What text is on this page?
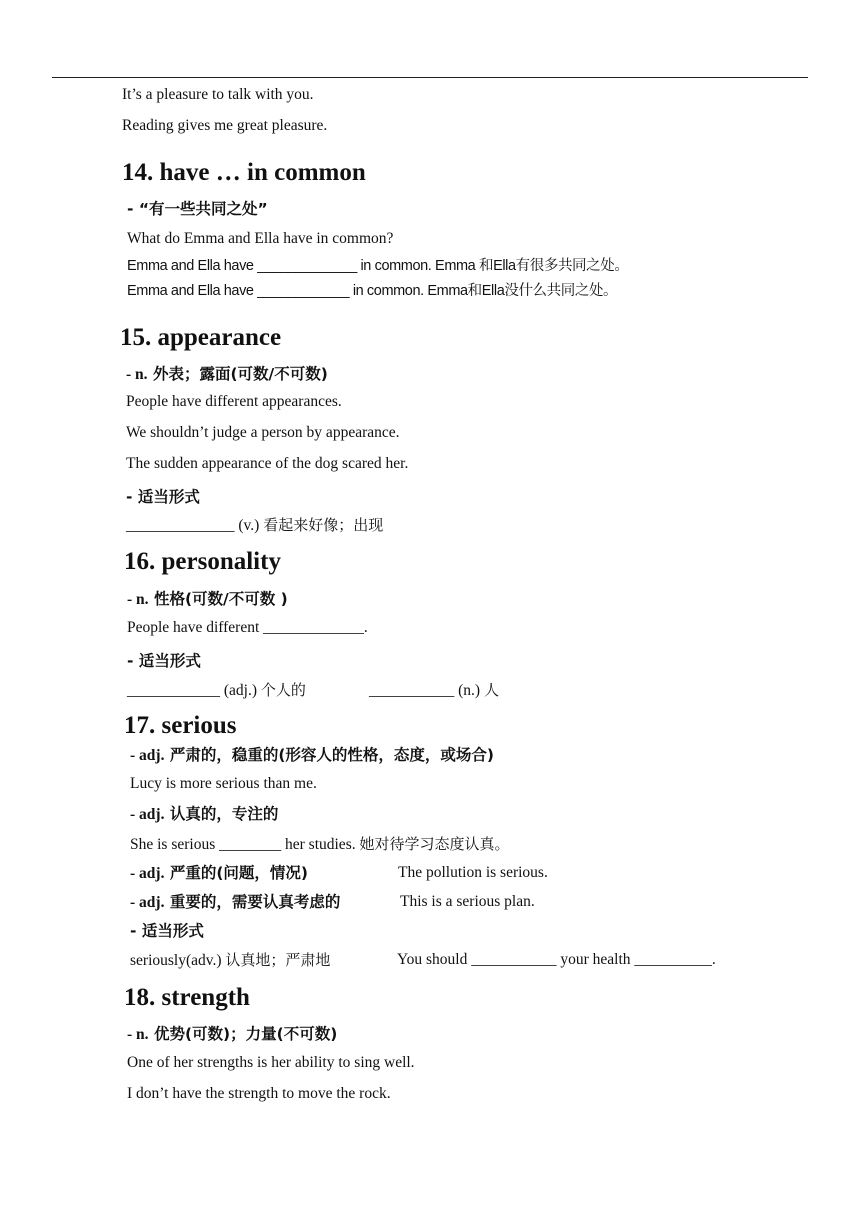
It’s a pleasure to talk with you.
Reading gives me great pleasure.
14. have … in common
- “有一些共同之处”
What do Emma and Ella have in common?
Emma and Ella have _____________ in common. Emma 和Ella有很多共同之处。
Emma and Ella have ____________ in common. Emma和Ella没什么共同之处。
15. appearance
- n. 外表；露面(可数/不可数)
People have different appearances.
We shouldn’t judge a person by appearance.
The sudden appearance of the dog scared her.
- 适当形式
______________ (v.) 看起来好像；出现
16. personality
- n. 性格(可数/不可数 )
People have different _____________.
- 适当形式
____________ (adj.) 个人的	___________ (n.) 人
17. serious
- adj. 严肃的，稳重的(形容人的性格，态度，或场合)
Lucy is more serious than me.
- adj. 认真的，专注的
She is serious ________ her studies. 她对待学习态度认真。
- adj. 严重的(问题，情况)	The pollution is serious.
- adj. 重要的，需要认真考虑的	This is a serious plan.
- 适当形式
seriously(adv.) 认真地；严肃地	You should ___________ your health __________.
18. strength
- n. 优势(可数)；力量(不可数)
One of her strengths is her ability to sing well.
I don’t have the strength to move the rock.
